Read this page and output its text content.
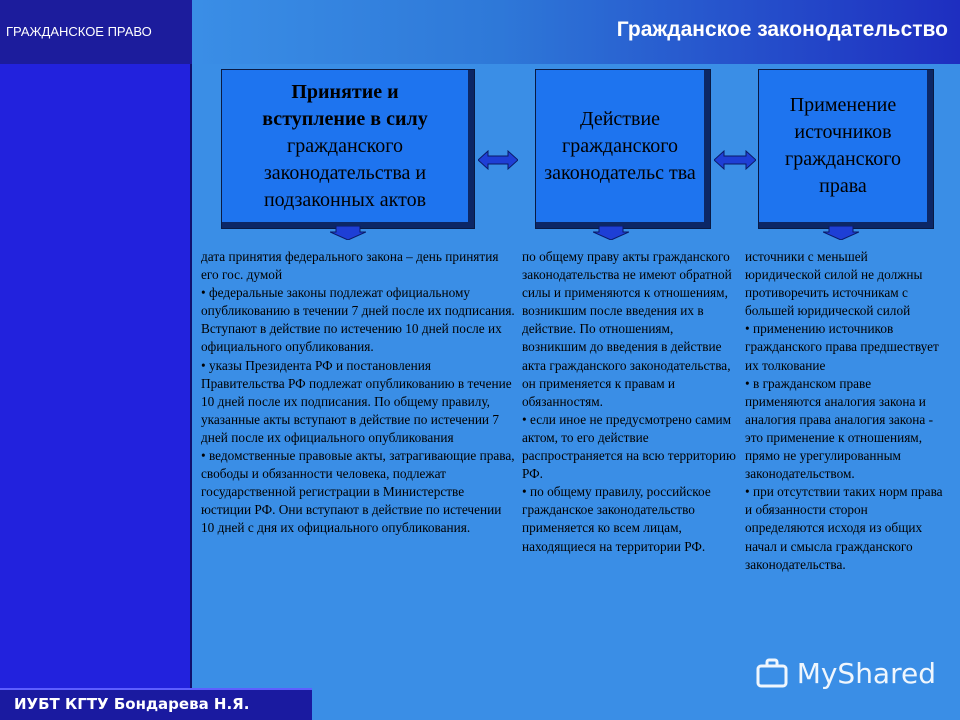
ГРАЖДАНСКОЕ ПРАВО	Гражданское законодательство
Принятие и
вступление в силу
гражданского законодательства и подзаконных актов
Действие гражданского законодательс тва
Применение источников гражданского права

дата принятия федерального закона – день принятия его гос. думой

• федеральные законы подлежат официальному опубликованию в течении 7 дней после их подписания. Вступают в действие по истечению 10 дней после их официального опубликования.

• указы Президента РФ и постановления Правительства РФ подлежат опубликованию в течение 10 дней после их подписания. По общему правилу, указанные акты вступают в действие по истечении 7 дней после их официального опубликования

• ведомственные правовые акты, затрагивающие права, свободы и обязанности человека, подлежат государственной регистрации в Министерстве юстиции РФ. Они вступают в действие по истечении 10 дней с дня их официального опубликования.

по общему праву акты гражданского законодательства не имеют обратной силы и применяются к отношениям, возникшим после введения их в действие. По отношениям, возникшим до введения в действие акта гражданского законодательства, он применяется к правам и обязанностям.

• если иное не предусмотрено самим актом, то его действие распространяется на всю территорию РФ.

• по общему правилу, российское гражданское законодательство применяется ко всем лицам, находящиеся на территории РФ.

источники с меньшей юридической силой не должны противоречить источникам с большей юридической силой

• применению источников гражданского права предшествует их толкование

• в гражданском праве применяются аналогия закона и аналогия права аналогия закона - это применение к отношениям, прямо не урегулированным законодательством.

• при отсутствии таких норм права и обязанности сторон определяются исходя из общих начал и смысла гражданского законодательства.

MyShared
ИУБТ КГТУ Бондарева Н.Я.
